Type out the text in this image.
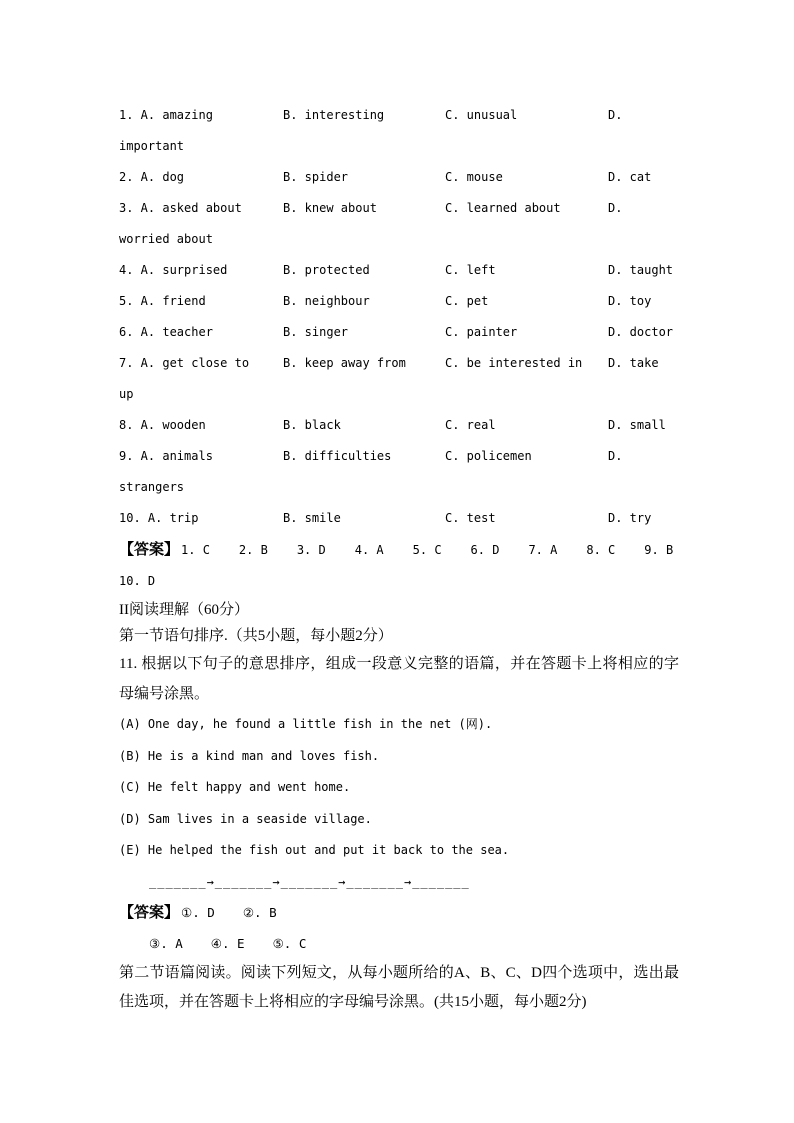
1. A. amazing	B. interesting	C. unusual	D.
important
2. A. dog	B. spider	C. mouse	D. cat
3. A. asked about	B. knew about	C. learned about	D.
worried about
4. A. surprised	B. protected	C. left	D. taught
5. A. friend	B. neighbour	C. pet	D. toy
6. A. teacher	B. singer	C. painter	D. doctor
7. A. get close to	B. keep away from	C. be interested in	D. take
up
8. A. wooden	B. black	C. real	D. small
9. A. animals	B. difficulties	C. policemen	D.
strangers
10. A. trip	B. smile	C. test	D. try
【答案】 1. C 2. B 3. D 4. A 5. C 6. D 7. A 8. C 9. B
10. D
II阅读理解（60分）
第一节语句排序.（共5小题，每小题2分）
11. 根据以下句子的意思排序，组成一段意义完整的语篇，并在答题卡上将相应的字母编号涂黑。
(A) One day, he found a little fish in the net (网).
(B) He is a kind man and loves fish.
(C) He felt happy and went home.
(D) Sam lives in a seaside village.
(E) He helped the fish out and put it back to the sea.
_______→_______→_______→_______→_______
【答案】 ①. D ②. B
③. A ④. E ⑤. C
第二节语篇阅读。阅读下列短文，从每小题所给的A、B、C、D四个选项中，选出最佳选项，并在答题卡上将相应的字母编号涂黑。(共15小题，每小题2分)
